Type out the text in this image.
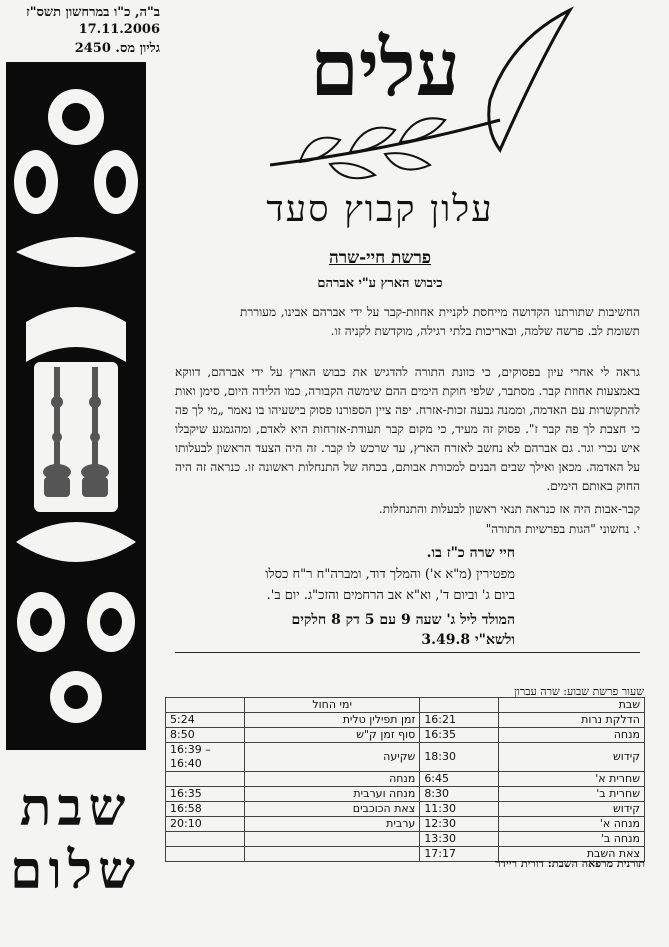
ב"ה, כ"ו במרחשון תשס"ז
17.11.2006
גליון מס. 2450
שבת
שלום
עלים
עלון קבוץ סעד
פרשת חיי-שרה
כיבוש הארץ ע"י אברהם
החשיבות שתורתנו הקדושה מייחסת לקניית אחוזת-קבר על ידי אברהם אבינו, מעוררת תשומת לב. פרשה שלמה, ובאריכות בלתי רגילה, מוקדשת לקניה זו.
גראה לי אחרי עיון בפסוקים, כי כוונת התורה להדגיש את כבוש הארץ על ידי אברהם, דווקא באמצעות אחוזת קבר. מסתבר, שלפי חוקת הימים ההם שימשה הקבורה, כמו הלידה היום, סימן ואות להתקשרות עם האדמה, וממנה גבעה זכות-אזרח. יפה ציין הספורנו פסוק בישעיהו בו נאמר „מי לך פה כי חצבת לך פה קבר ז". פסוק זה מעיד, כי מקום קבר תעודת-אזרחות היא לאדם, ומהגמגע שיקבלו איש נכרי וגר. גם אברהם לא נחשב לאזרח הארץ, עד שרכש לו קבר. זה היה הצעד הראשון לבעלותו על האדמה. מכאן ואילך שבים הבנים למכורת אבותם, בכחה של התנחלות ראשונה זו. כנראה זה היה החוק באותם הימים.
קבר-אבות היה אז כנראה תנאי ראשון לבעלות והתנחלות.
י. נחשוני "הגות בפרשיות התורה"
חיי שרה כ"ז בו.
מפטירין (מ"א א') והמלך דוד, ומברה"ח ר"ח כסלו
ביום ג' וביום ד', וא"א אב הרחמים והזכ"ג. יום ב'.
המולד ליל ג' שעה 9 עם 5 דק 8 חלקים ולשא"י 3.49.8
שעור פרשת שבוע: שרה עברון
	ימי החול		שבת
5:24	זמן תפילין טלית	16:21	הדלקת נרות
8:50	סוף זמן ק"ש	16:35	מנחה
16:39 – 16:40	שקיעה	18:30	קידוש
	מנחה	6:45	שחרית א'
16:35	מנחה וערבית	8:30	שחרית ב'
16:58	צאת הכוכבים	11:30	קידוש
20:10	ערבית	12:30	מנחה א'
		13:30	מנחה ב'
		17:17	צאת השבת
תורנית מרפאה השבת: דורית ריידר
